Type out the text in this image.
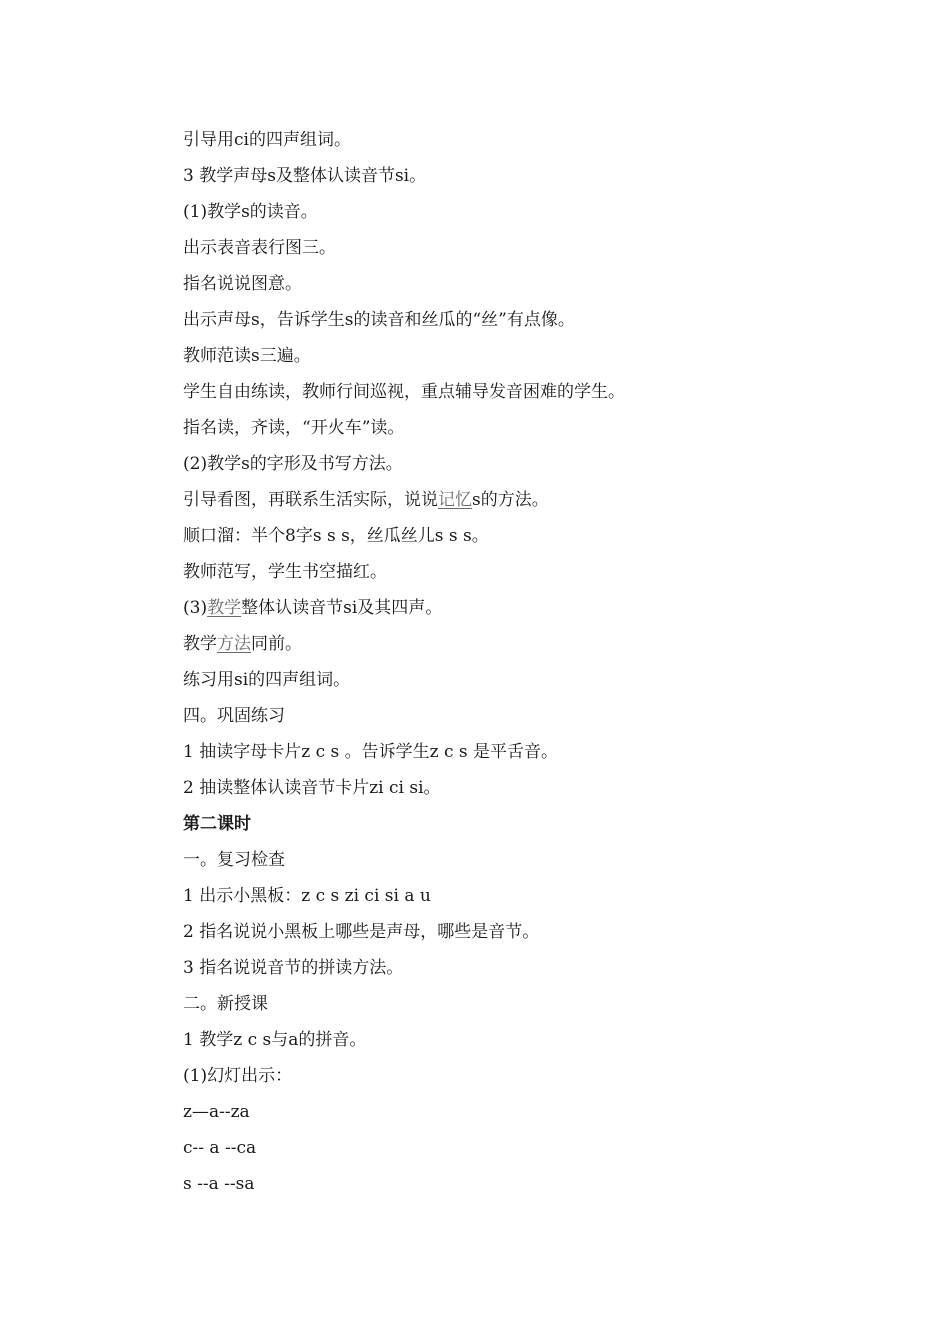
引导用ci的四声组词。
3 教学声母s及整体认读音节si。
(1)教学s的读音。
出示表音表行图三。
指名说说图意。
出示声母s，告诉学生s的读音和丝瓜的“丝”有点像。
教师范读s三遍。
学生自由练读，教师行间巡视，重点辅导发音困难的学生。
指名读，齐读，“开火车”读。
(2)教学s的字形及书写方法。
引导看图，再联系生活实际，说说记忆s的方法。
顺口溜：半个8字s s s，丝瓜丝儿s s s。
教师范写，学生书空描红。
(3)教学整体认读音节si及其四声。
教学方法同前。
练习用si的四声组词。
四。巩固练习
1 抽读字母卡片z c s 。告诉学生z c s 是平舌音。
2 抽读整体认读音节卡片zi ci si。
第二课时
一。复习检查
1 出示小黑板：z c s zi ci si a u
2 指名说说小黑板上哪些是声母，哪些是音节。
3 指名说说音节的拼读方法。
二。新授课
1 教学z c s与a的拼音。
(1)幻灯出示：
z—a--za
c-- a --ca
s --a --sa
